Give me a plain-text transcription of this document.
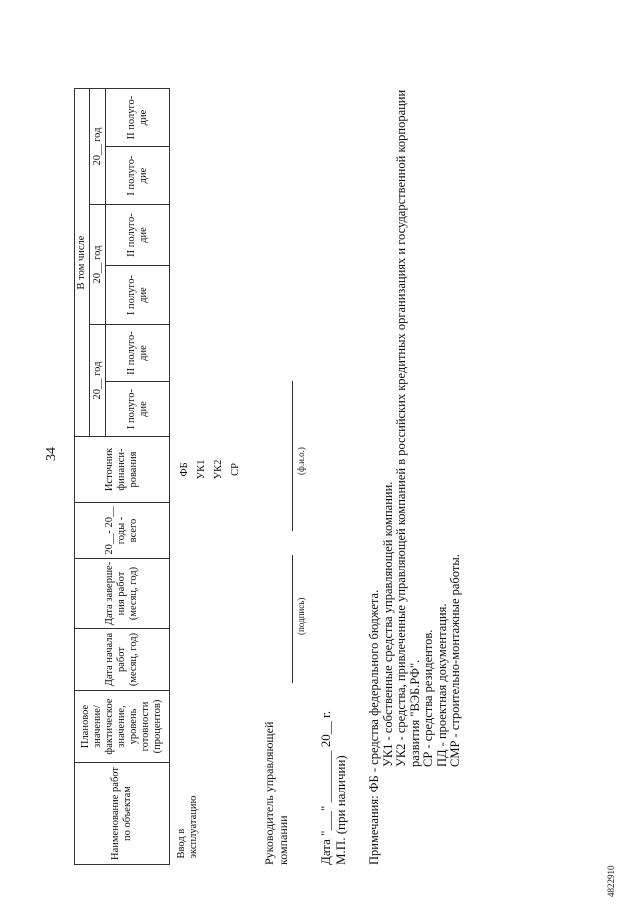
34
Наименование работ по объектам	Плановое значение/ фактическое значение, уровень готовности (процентов)	Дата начала работ (месяц, год)	Дата заверше- ния работ (месяц, год)	20__- 20__ годы - всего	Источник финанси- рования	В том числе					
						20__ год		20__ год		20__ год	
						I полуго- дие	II полуго- дие	I полуго- дие	II полуго- дие	I полуго- дие	II полуго- дие
Ввод в эксплуатацию					ФБ УК1 УК2 СР						

Руководитель управляющей компании
(подпись)
(ф.и.о.)
Дата "___" ________ 20__ г. М.П. (при наличии) Примечания: ФБ - средства федерального бюджета. УК1 - собственные средства управляющей компании. УК2 - средства, привлеченные управляющей компанией в российских кредитных организациях и государственной корпорации развития "ВЭБ.РФ". СР - средства резидентов. ПД - проектная документация. СМР - строительно-монтажные работы.
4822910
